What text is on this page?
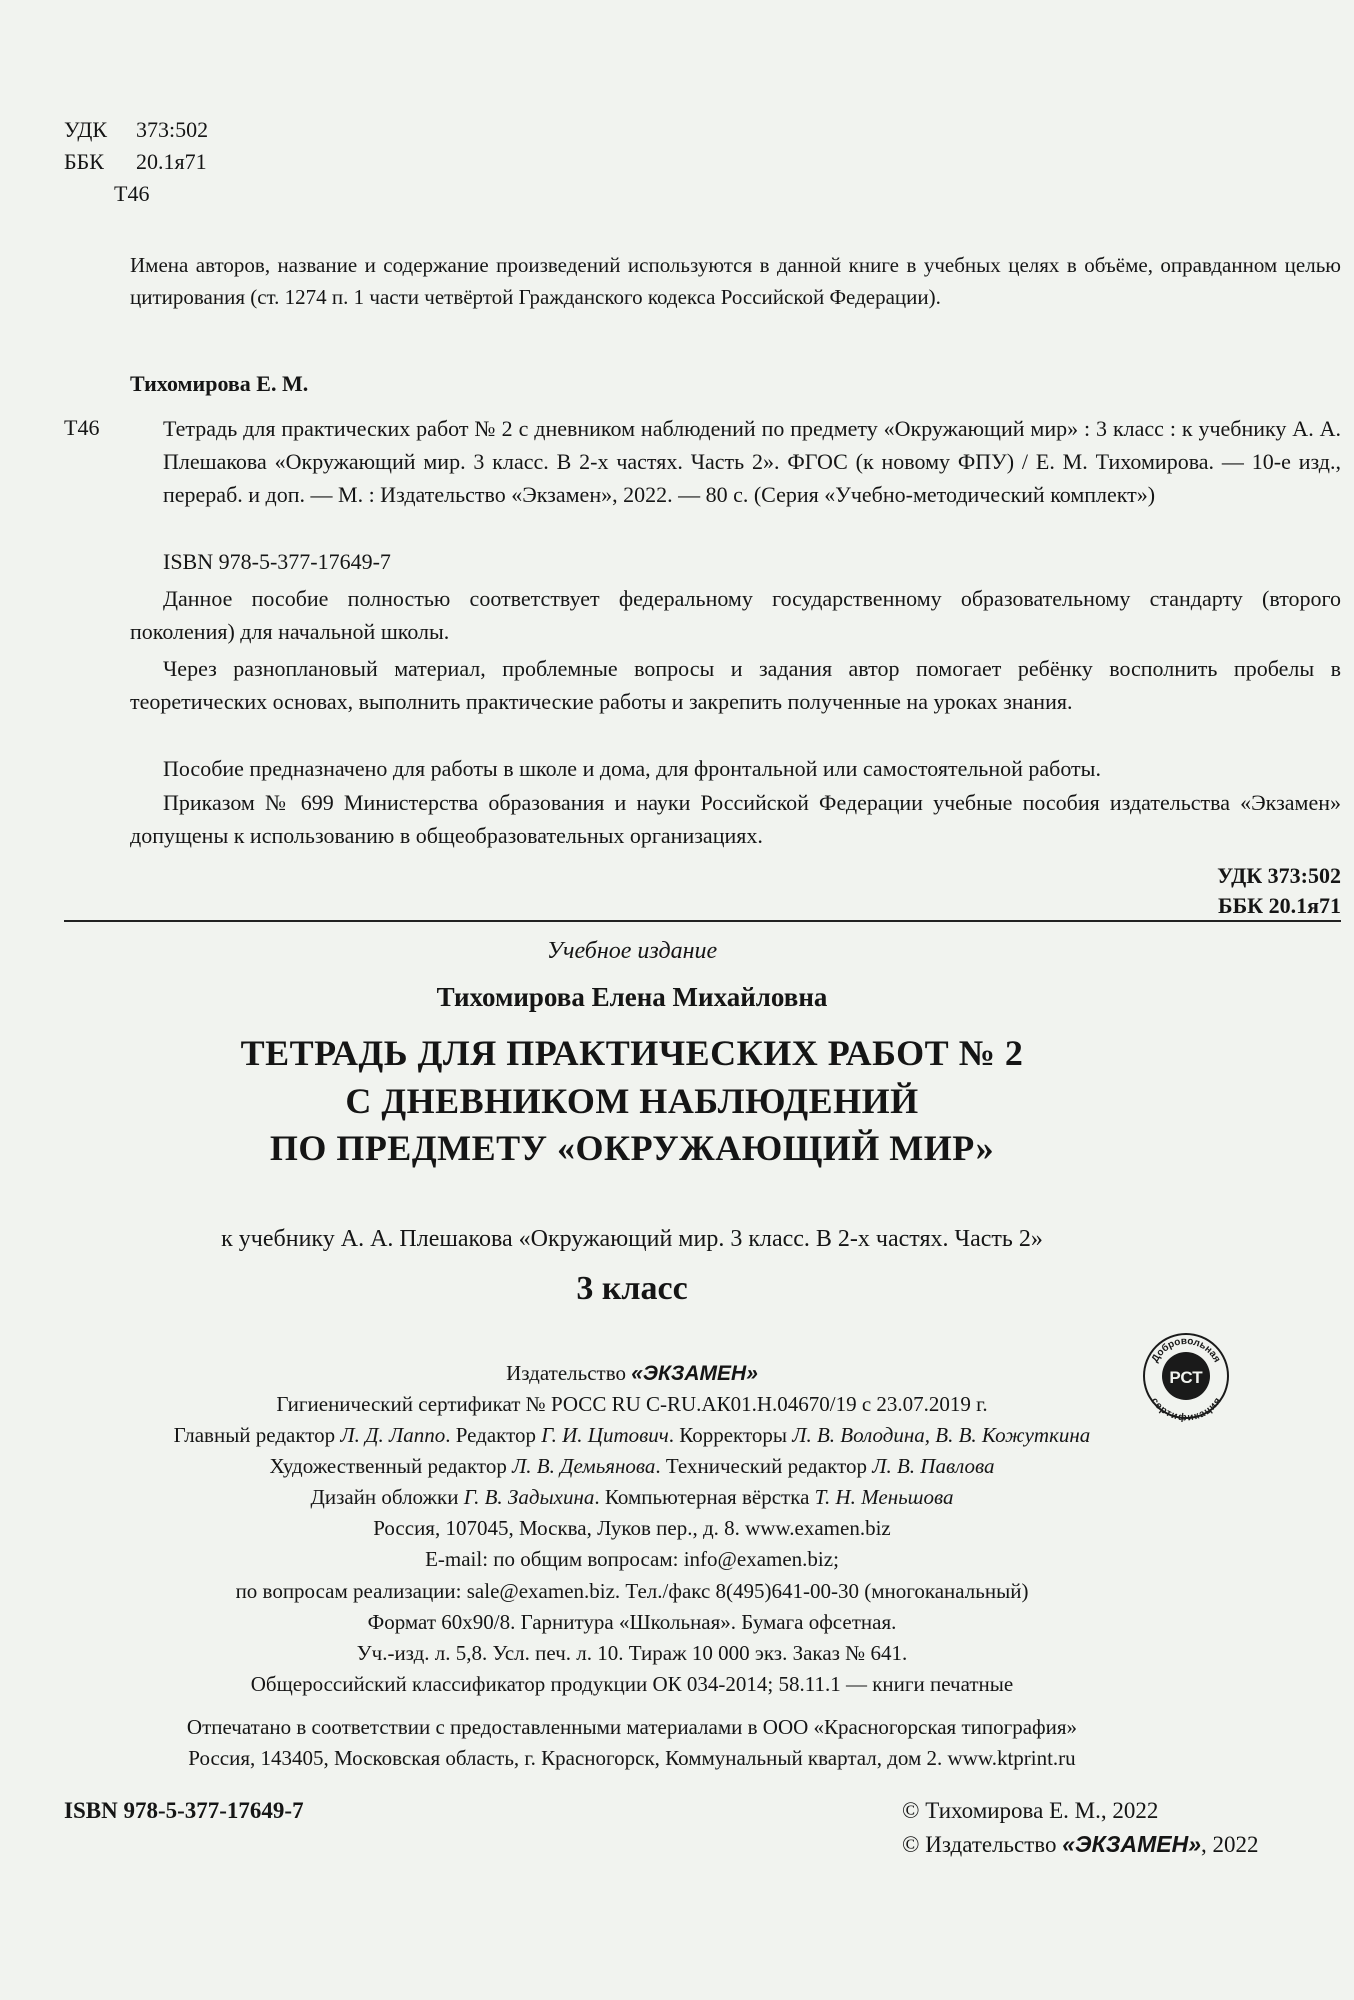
УДК 373:502
ББК	20.1я71
Т46
Имена авторов, название и содержание произведений используются в данной книге в учебных целях в объёме, оправданном целью цитирования (ст. 1274 п. 1 части четвёртой Гражданского кодекса Российской Федерации).
Тихомирова Е. М.
Т46	Тетрадь для практических работ № 2 с дневником наблюдений по предмету «Окружающий мир» : 3 класс : к учебнику А. А. Плешакова «Окружающий мир. 3 класс. В 2-х частях. Часть 2». ФГОС (к новому ФПУ) / Е. М. Тихомирова. — 10-е изд., перераб. и доп. — М. : Издательство «Экзамен», 2022. — 80 с. (Серия «Учебно-методический комплект»)
ISBN 978-5-377-17649-7
Данное пособие полностью соответствует федеральному государственному образовательному стандарту (второго поколения) для начальной школы.
Через разноплановый материал, проблемные вопросы и задания автор помогает ребёнку восполнить пробелы в теоретических основах, выполнить практические работы и закрепить полученные на уроках знания.
Пособие предназначено для работы в школе и дома, для фронтальной или самостоятельной работы.
Приказом № 699 Министерства образования и науки Российской Федерации учебные пособия издательства «Экзамен» допущены к использованию в общеобразовательных организациях.
УДК 373:502
ББК 20.1я71
Учебное издание
Тихомирова Елена Михайловна
ТЕТРАДЬ ДЛЯ ПРАКТИЧЕСКИХ РАБОТ № 2
С ДНЕВНИКОМ НАБЛЮДЕНИЙ
ПО ПРЕДМЕТУ «ОКРУЖАЮЩИЙ МИР»
к учебнику А. А. Плешакова «Окружающий мир. 3 класс. В 2-х частях. Часть 2»
3 класс
Добровольная
сертификация
РСТ

Издательство «ЭКЗАМЕН»

Гигиенический сертификат № РОСС RU С-RU.АК01.Н.04670/19 с 23.07.2019 г.

Главный редактор Л. Д. Лаппо. Редактор Г. И. Цитович. Корректоры Л. В. Володина, В. В. Кожуткина

Художественный редактор Л. В. Демьянова. Технический редактор Л. В. Павлова

Дизайн обложки Г. В. Задыхина. Компьютерная вёрстка Т. Н. Меньшова

Россия, 107045, Москва, Луков пер., д. 8. www.examen.biz

E-mail: по общим вопросам: info@examen.biz;

по вопросам реализации: sale@examen.biz. Тел./факс 8(495)641-00-30 (многоканальный)

Формат 60x90/8. Гарнитура «Школьная». Бумага офсетная.

Уч.-изд. л. 5,8. Усл. печ. л. 10. Тираж 10 000 экз. Заказ № 641.

Общероссийский классификатор продукции ОК 034-2014; 58.11.1 — книги печатные

Отпечатано в соответствии с предоставленными материалами в ООО «Красногорская типография»

Россия, 143405, Московская область, г. Красногорск, Коммунальный квартал, дом 2. www.ktprint.ru

ISBN 978-5-377-17649-7	© Тихомирова Е. М., 2022
© Издательство «ЭКЗАМЕН», 2022
